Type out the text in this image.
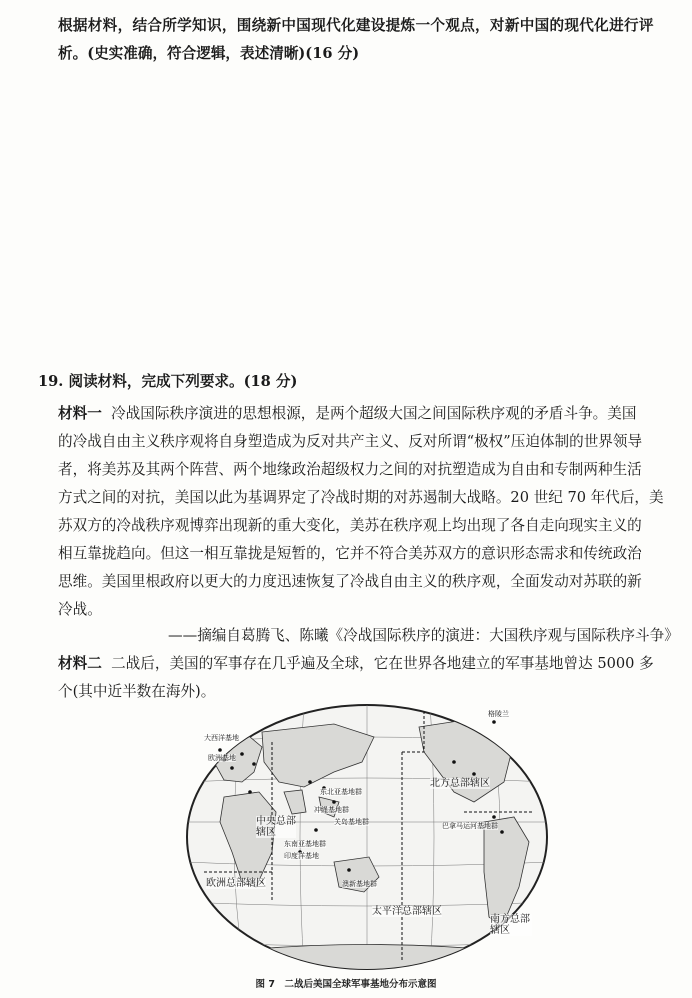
根据材料，结合所学知识，围绕新中国现代化建设提炼一个观点，对新中国的现代化进行评
析。(史实准确，符合逻辑，表述清晰)(16 分)
19. 阅读材料，完成下列要求。(18 分)
材料一 冷战国际秩序演进的思想根源，是两个超级大国之间国际秩序观的矛盾斗争。美国
的冷战自由主义秩序观将自身塑造成为反对共产主义、反对所谓“极权”压迫体制的世界领导
者，将美苏及其两个阵营、两个地缘政治超级权力之间的对抗塑造成为自由和专制两种生活
方式之间的对抗，美国以此为基调界定了冷战时期的对苏遏制大战略。20 世纪 70 年代后，美
苏双方的冷战秩序观博弈出现新的重大变化，美苏在秩序观上均出现了各自走向现实主义的
相互靠拢趋向。但这一相互靠拢是短暂的，它并不符合美苏双方的意识形态需求和传统政治
思维。美国里根政府以更大的力度迅速恢复了冷战自由主义的秩序观，全面发动对苏联的新
冷战。
——摘编自葛腾飞、陈曦《冷战国际秩序的演进：大国秩序观与国际秩序斗争》
材料二 二战后，美国的军事存在几乎遍及全球，它在世界各地建立的军事基地曾达 5000 多
个(其中近半数在海外)。
格陵兰
欧洲基地
大西洋基地
东北亚基地群
冲绳基地群
关岛基地群
东南亚基地群
印度洋基地
澳新基地群
中央总部辖区
欧洲总部辖区
北方总部辖区
太平洋总部辖区
南方总部辖区
巴拿马运河基地群
图 7　二战后美国全球军事基地分布示意图
